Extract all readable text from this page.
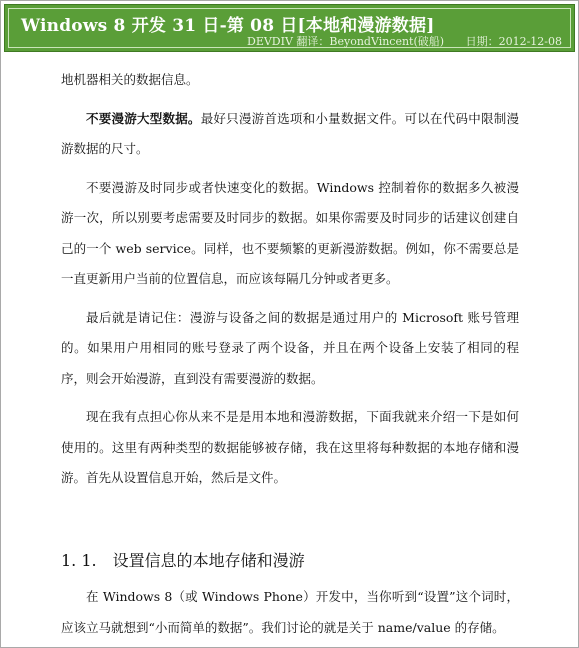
Windows 8 开发 31 日-第 08 日[本地和漫游数据]
DEVDIV 翻译：BeyondVincent(破船) 日期：2012-12-08

地机器相关的数据信息。

不要漫游大型数据。最好只漫游首选项和小量数据文件。可以在代码中限制漫游数据的尺寸。

不要漫游及时同步或者快速变化的数据。Windows 控制着你的数据多久被漫游一次，所以别要考虑需要及时同步的数据。如果你需要及时同步的话建议创建自己的一个 web service。同样，也不要频繁的更新漫游数据。例如，你不需要总是一直更新用户当前的位置信息，而应该每隔几分钟或者更多。

最后就是请记住：漫游与设备之间的数据是通过用户的 Microsoft 账号管理的。如果用户用相同的账号登录了两个设备，并且在两个设备上安装了相同的程序，则会开始漫游，直到没有需要漫游的数据。

现在我有点担心你从来不是是用本地和漫游数据，下面我就来介绍一下是如何使用的。这里有两种类型的数据能够被存储，我在这里将每种数据的本地存储和漫游。首先从设置信息开始，然后是文件。

1. 1. 设置信息的本地存储和漫游

在 Windows 8（或 Windows Phone）开发中，当你听到“设置”这个词时，应该立马就想到“小而简单的数据”。我们讨论的就是关于 name/value 的存储。
